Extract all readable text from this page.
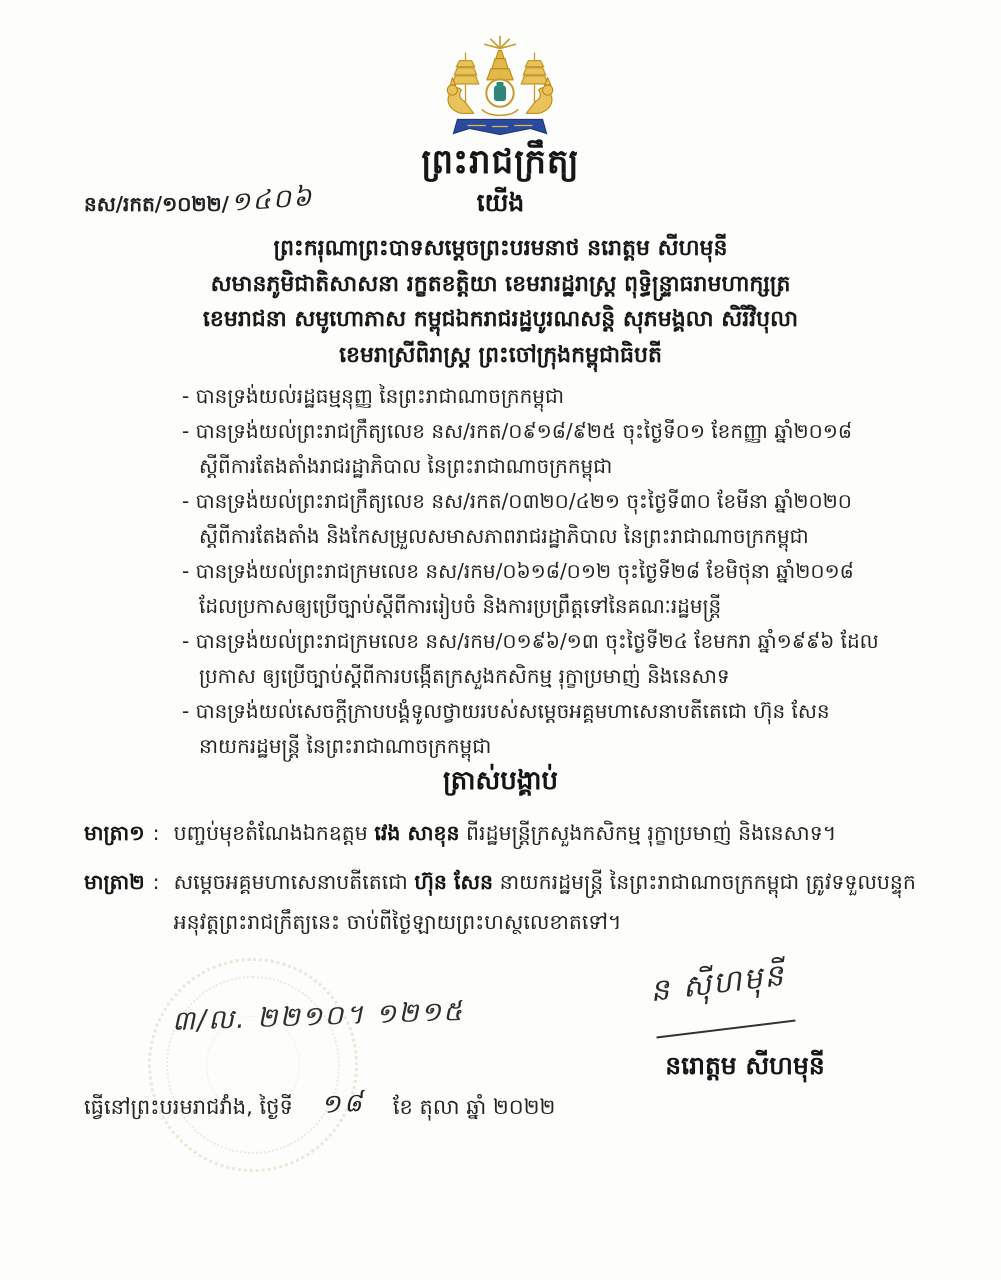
នស/រកត/១០២២/១៤០៦
ព្រះរាជក្រឹត្យ
យើង
ព្រះករុណាព្រះបាទសម្តេចព្រះបរមនាថ នរោត្តម សីហមុនី
សមានភូមិជាតិសាសនា រក្ខតខត្តិយា ខេមរារដ្ឋរាស្ត្រ ពុទ្ធិន្ទ្រាធរាមហាក្សត្រ
ខេមរាជនា សមូហោភាស កម្ពុជឯករាជរដ្ឋបូរណសន្តិ សុភមង្គលា សិរីវិបុលា
ខេមរាស្រីពិរាស្ត្រ ព្រះចៅក្រុងកម្ពុជាធិបតី
- បានទ្រង់យល់រដ្ឋធម្មនុញ្ញ នៃព្រះរាជាណាចក្រកម្ពុជា
- បានទ្រង់យល់ព្រះរាជក្រឹត្យលេខ នស/រកត/០៩១៨/៩២៥ ចុះថ្ងៃទី០១ ខែកញ្ញា ឆ្នាំ២០១៨ ស្តីពីការតែងតាំងរាជរដ្ឋាភិបាល នៃព្រះរាជាណាចក្រកម្ពុជា
- បានទ្រង់យល់ព្រះរាជក្រឹត្យលេខ នស/រកត/០៣២០/៤២១ ចុះថ្ងៃទី៣០ ខែមីនា ឆ្នាំ២០២០ ស្តីពីការតែងតាំង និងកែសម្រួលសមាសភាពរាជរដ្ឋាភិបាល នៃព្រះរាជាណាចក្រកម្ពុជា
- បានទ្រង់យល់ព្រះរាជក្រមលេខ នស/រកម/០៦១៨/០១២ ចុះថ្ងៃទី២៨ ខែមិថុនា ឆ្នាំ២០១៨ ដែលប្រកាសឲ្យប្រើច្បាប់ស្តីពីការរៀបចំ និងការប្រព្រឹត្តទៅនៃគណៈរដ្ឋមន្ត្រី
- បានទ្រង់យល់ព្រះរាជក្រមលេខ នស/រកម/០១៩៦/១៣ ចុះថ្ងៃទី២៤ ខែមករា ឆ្នាំ១៩៩៦ ដែលប្រកាស ឲ្យប្រើច្បាប់ស្តីពីការបង្កើតក្រសួងកសិកម្ម រុក្ខាប្រមាញ់ និងនេសាទ
- បានទ្រង់យល់សេចក្តីក្រាបបង្គំទូលថ្វាយរបស់សម្តេចអគ្គមហាសេនាបតីតេជោ ហ៊ុន សែន នាយករដ្ឋមន្ត្រី នៃព្រះរាជាណាចក្រកម្ពុជា
ត្រាស់បង្គាប់
មាត្រា១ : បញ្ចប់មុខតំណែងឯកឧត្តម វេង សាខុន ពីរដ្ឋមន្ត្រីក្រសួងកសិកម្ម រុក្ខាប្រមាញ់ និងនេសាទ។
មាត្រា២ : សម្តេចអគ្គមហាសេនាបតីតេជោ ហ៊ុន សែន នាយករដ្ឋមន្ត្រី នៃព្រះរាជាណាចក្រកម្ពុជា ត្រូវទទួលបន្ទុកអនុវត្តព្រះរាជក្រឹត្យនេះ ចាប់ពីថ្ងៃឡាយព្រះហស្ថលេខាតទៅ។
ន ស៊ីហមុនី
នរោត្តម សីហមុនី
៣/ល. ២២១០។ ១២១៥
ធ្វើនៅព្រះបរមរាជវាំង, ថ្ងៃទី ១៨ ខែ តុលា ឆ្នាំ ២០២២
